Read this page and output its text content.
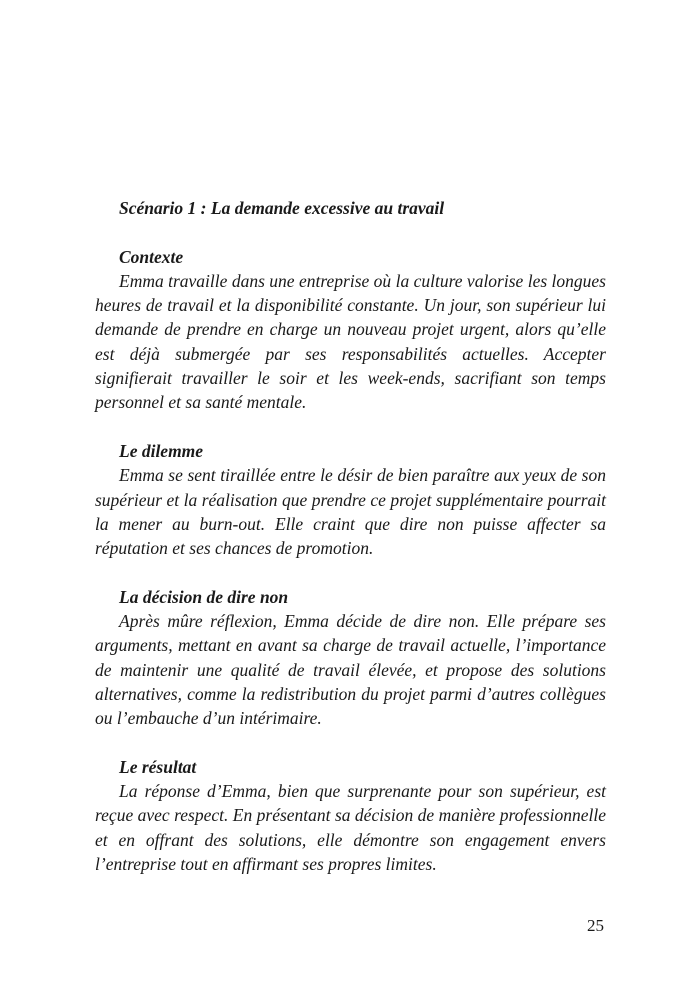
Scénario 1 : La demande excessive au travail

Contexte

Emma travaille dans une entreprise où la culture valorise les longues heures de travail et la disponibilité constante. Un jour, son supérieur lui demande de prendre en charge un nouveau projet urgent, alors qu’elle est déjà submergée par ses responsabilités actuelles. Accepter signifierait travailler le soir et les week-ends, sacrifiant son temps personnel et sa santé mentale.

Le dilemme

Emma se sent tiraillée entre le désir de bien paraître aux yeux de son supérieur et la réalisation que prendre ce projet supplémentaire pourrait la mener au burn-out. Elle craint que dire non puisse affecter sa réputation et ses chances de promotion.

La décision de dire non

Après mûre réflexion, Emma décide de dire non. Elle prépare ses arguments, mettant en avant sa charge de travail actuelle, l’importance de maintenir une qualité de travail élevée, et propose des solutions alternatives, comme la redistribution du projet parmi d’autres collègues ou l’embauche d’un intérimaire.

Le résultat

La réponse d’Emma, bien que surprenante pour son supérieur, est reçue avec respect. En présentant sa décision de manière professionnelle et en offrant des solutions, elle démontre son engagement envers l’entreprise tout en affirmant ses propres limites.

25
